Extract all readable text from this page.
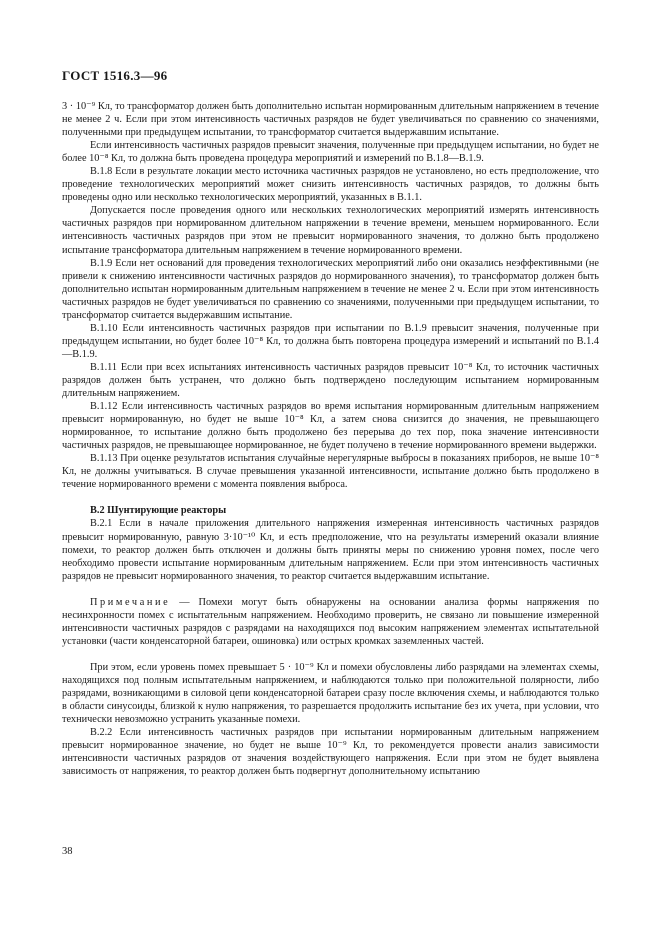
ГОСТ 1516.3—96

3 · 10⁻⁹ Кл, то трансформатор должен быть дополнительно испытан нормированным длительным напряжением в течение не менее 2 ч. Если при этом интенсивность частичных разрядов не будет увеличиваться по сравнению со значениями, полученными при предыдущем испытании, то трансформатор считается выдержавшим испытание.

Если интенсивность частичных разрядов превысит значения, полученные при предыдущем испытании, но будет не более 10⁻⁸ Кл, то должна быть проведена процедура мероприятий и измерений по В.1.8—В.1.9.

В.1.8 Если в результате локации место источника частичных разрядов не установлено, но есть предположение, что проведение технологических мероприятий может снизить интенсивность частичных разрядов, то должны быть проведены одно или несколько технологических мероприятий, указанных в В.1.1.

Допускается после проведения одного или нескольких технологических мероприятий измерять интенсивность частичных разрядов при нормированном длительном напряжении в течение времени, меньшем нормированного. Если интенсивность частичных разрядов при этом не превысит нормированного значения, то должно быть продолжено испытание трансформатора длительным напряжением в течение нормированного времени.

В.1.9 Если нет оснований для проведения технологических мероприятий либо они оказались неэффективными (не привели к снижению интенсивности частичных разрядов до нормированного значения), то трансформатор должен быть дополнительно испытан нормированным длительным напряжением в течение не менее 2 ч. Если при этом интенсивность частичных разрядов не будет увеличиваться по сравнению со значениями, полученными при предыдущем испытании, то трансформатор считается выдержавшим испытание.

В.1.10 Если интенсивность частичных разрядов при испытании по В.1.9 превысит значения, полученные при предыдущем испытании, но будет более 10⁻⁸ Кл, то должна быть повторена процедура измерений и испытаний по В.1.4—В.1.9.

В.1.11 Если при всех испытаниях интенсивность частичных разрядов превысит 10⁻⁸ Кл, то источник частичных разрядов должен быть устранен, что должно быть подтверждено последующим испытанием нормированным длительным напряжением.

В.1.12 Если интенсивность частичных разрядов во время испытания нормированным длительным напряжением превысит нормированную, но будет не выше 10⁻⁸ Кл, а затем снова снизится до значения, не превышающего нормированное, то испытание должно быть продолжено без перерыва до тех пор, пока значение интенсивности частичных разрядов, не превышающее нормированное, не будет получено в течение нормированного времени выдержки.

В.1.13 При оценке результатов испытания случайные нерегулярные выбросы в показаниях приборов, не выше 10⁻⁸ Кл, не должны учитываться. В случае превышения указанной интенсивности, испытание должно быть продолжено в течение нормированного времени с момента появления выброса.

В.2 Шунтирующие реакторы

В.2.1 Если в начале приложения длительного напряжения измеренная интенсивность частичных разрядов превысит нормированную, равную 3·10⁻¹⁰ Кл, и есть предположение, что на результаты измерений оказали влияние помехи, то реактор должен быть отключен и должны быть приняты меры по снижению уровня помех, после чего необходимо провести испытание нормированным длительным напряжением. Если при этом интенсивность частичных разрядов не превысит нормированного значения, то реактор считается выдержавшим испытание.

Примечание — Помехи могут быть обнаружены на основании анализа формы напряжения по несинхронности помех с испытательным напряжением. Необходимо проверить, не связано ли повышение измеренной интенсивности частичных разрядов с разрядами на находящихся под высоким напряжением элементах испытательной установки (части конденсаторной батареи, ошиновка) или острых кромках заземленных частей.

При этом, если уровень помех превышает 5 · 10⁻⁹ Кл и помехи обусловлены либо разрядами на элементах схемы, находящихся под полным испытательным напряжением, и наблюдаются только при положительной полярности, либо разрядами, возникающими в силовой цепи конденсаторной батареи сразу после включения схемы, и наблюдаются только в области синусоиды, близкой к нулю напряжения, то разрешается продолжить испытание без их учета, при условии, что технически невозможно устранить указанные помехи.

В.2.2 Если интенсивность частичных разрядов при испытании нормированным длительным напряжением превысит нормированное значение, но будет не выше 10⁻⁹ Кл, то рекомендуется провести анализ зависимости интенсивности частичных разрядов от значения воздействующего напряжения. Если при этом не будет выявлена зависимость от напряжения, то реактор должен быть подвергнут дополнительному испытанию

38
